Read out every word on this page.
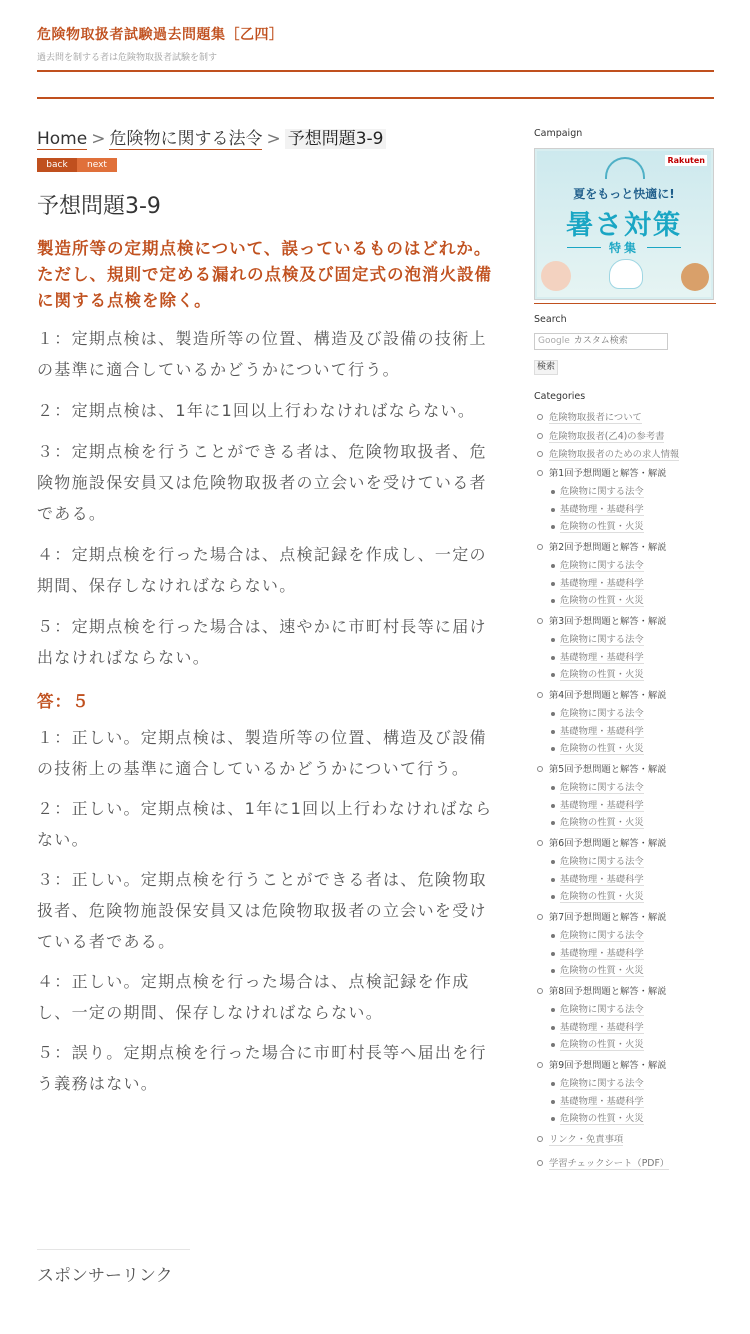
危険物取扱者試験過去問題集［乙四］
過去問を制する者は危険物取扱者試験を制す
Home > 危険物に関する法令 > 予想問題3-9
back	next
予想問題3-9
製造所等の定期点検について、誤っているものはどれか。
ただし、規則で定める漏れの点検及び固定式の泡消火設備に関する点検を除く。

１：定期点検は、製造所等の位置、構造及び設備の技術上の基準に適合しているかどうかについて行う。

２：定期点検は、1年に1回以上行わなければならない。

３：定期点検を行うことができる者は、危険物取扱者、危険物施設保安員又は危険物取扱者の立会いを受けている者である。

４：定期点検を行った場合は、点検記録を作成し、一定の期間、保存しなければならない。

５：定期点検を行った場合は、速やかに市町村長等に届け出なければならない。

答：５

１：正しい。定期点検は、製造所等の位置、構造及び設備の技術上の基準に適合しているかどうかについて行う。

２：正しい。定期点検は、1年に1回以上行わなければならない。

３：正しい。定期点検を行うことができる者は、危険物取扱者、危険物施設保安員又は危険物取扱者の立会いを受けている者である。

４：正しい。定期点検を行った場合は、点検記録を作成し、一定の期間、保存しなければならない。

５：誤り。定期点検を行った場合に市町村長等へ届出を行う義務はない。

スポンサーリンク
Campaign
Rakuten
夏をもっと快適に!
暑さ対策
特集
Search
Google カスタム検索
検索
Categories
危険物取扱者について
危険物取扱者(乙4)の参考書
危険物取扱者のための求人情報
第1回予想問題と解答・解説
危険物に関する法令
基礎物理・基礎科学
危険物の性質・火災
第2回予想問題と解答・解説
危険物に関する法令
基礎物理・基礎科学
危険物の性質・火災
第3回予想問題と解答・解説
危険物に関する法令
基礎物理・基礎科学
危険物の性質・火災
第4回予想問題と解答・解説
危険物に関する法令
基礎物理・基礎科学
危険物の性質・火災
第5回予想問題と解答・解説
危険物に関する法令
基礎物理・基礎科学
危険物の性質・火災
第6回予想問題と解答・解説
危険物に関する法令
基礎物理・基礎科学
危険物の性質・火災
第7回予想問題と解答・解説
危険物に関する法令
基礎物理・基礎科学
危険物の性質・火災
第8回予想問題と解答・解説
危険物に関する法令
基礎物理・基礎科学
危険物の性質・火災
第9回予想問題と解答・解説
危険物に関する法令
基礎物理・基礎科学
危険物の性質・火災
リンク・免責事項
学習チェックシート（PDF）
